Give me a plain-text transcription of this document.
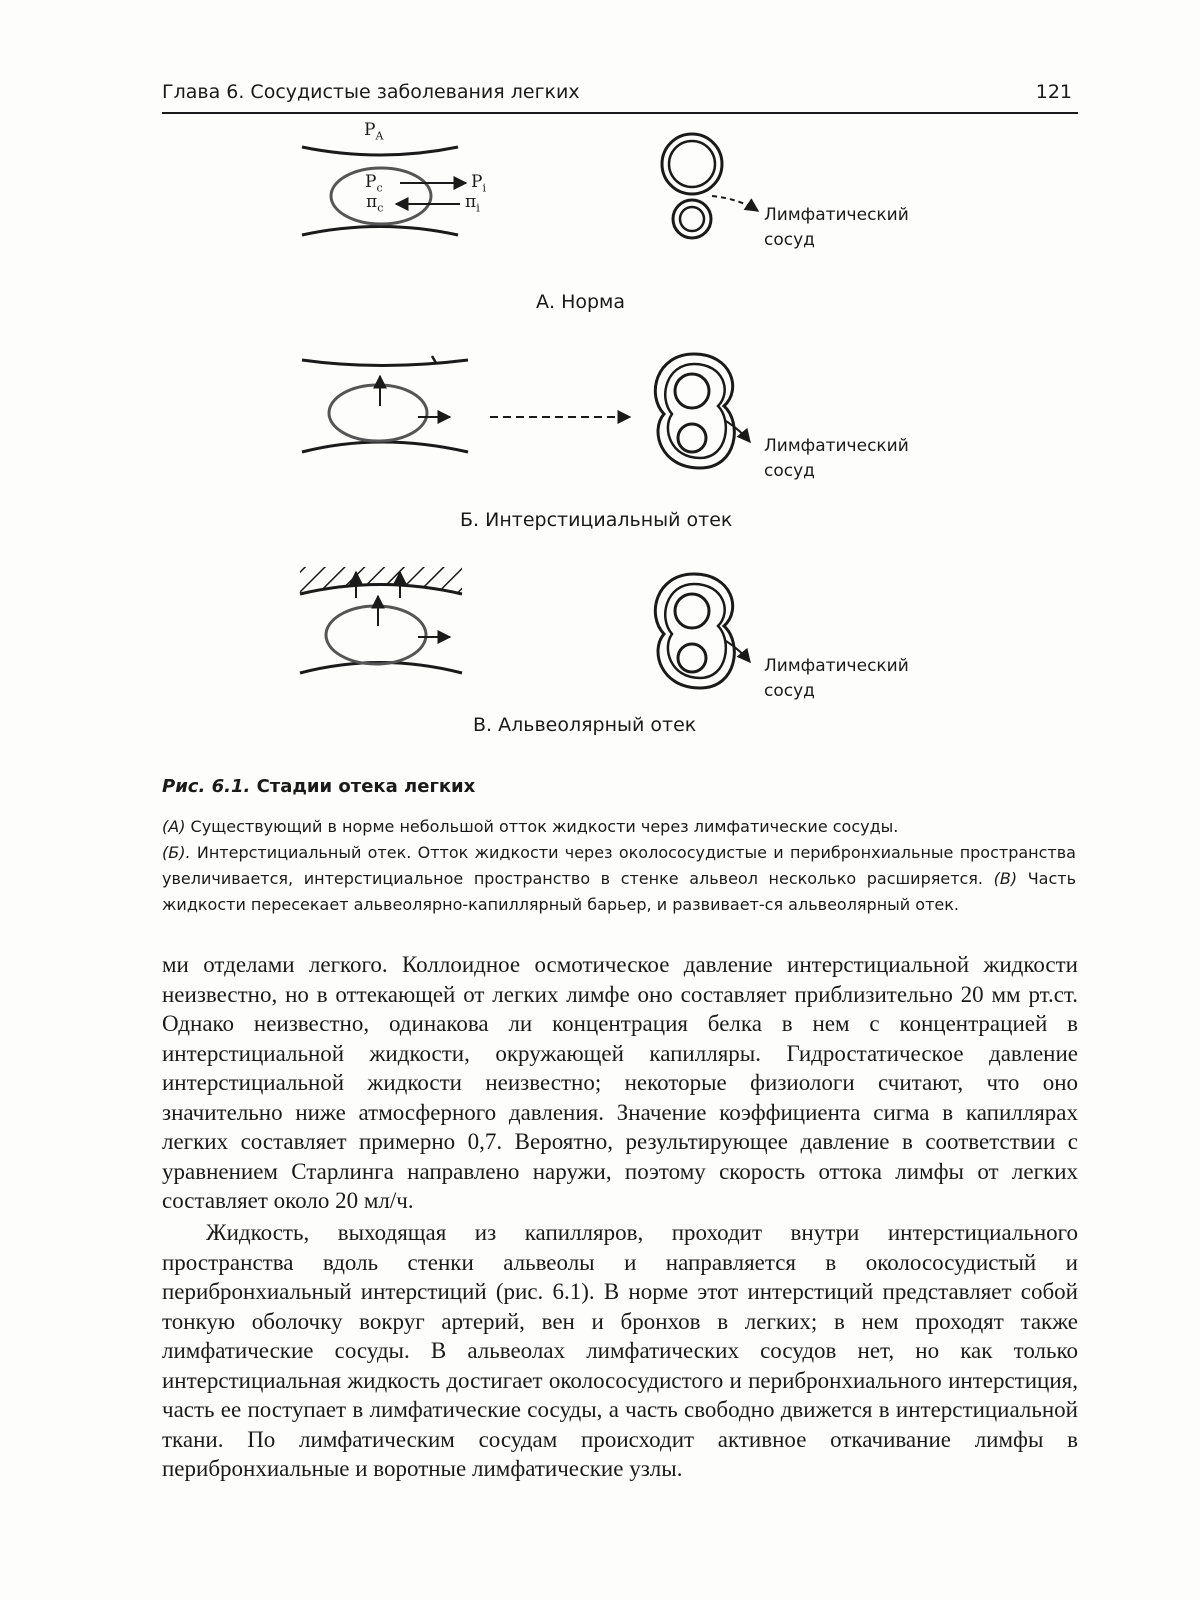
Глава 6. Сосудистые заболевания легких	121
$P_A$
$P_c$	$P_i$
$\pi_c$	$\pi_i$	Лимфатический
сосуд
Лимфатический
сосуд
Лимфатический
сосуд
А. Норма
Б. Интерстициальный отек
В. Альвеолярный отек
Рис. 6.1. Стадии отека легких
(А) Существующий в норме небольшой отток жидкости через лимфатические сосуды.
(Б). Интерстициальный отек. Отток жидкости через околососудистые и перибронхиальные пространства увеличивается, интерстициальное пространство в стенке альвеол несколько расширяется. (В) Часть жидкости пересекает альвеолярно-капиллярный барьер, и развивает-ся альвеолярный отек.
ми отделами легкого. Коллоидное осмотическое давление интерстициальной жидкости неизвестно, но в оттекающей от легких лимфе оно составляет приблизительно 20 мм рт.ст. Однако неизвестно, одинакова ли концентрация белка в нем с концентрацией в интерстициальной жидкости, окружающей капилляры. Гидростатическое давление интерстициальной жидкости неизвестно; некоторые физиологи считают, что оно значительно ниже атмосферного давления. Значение коэффициента сигма в капиллярах легких составляет примерно 0,7. Вероятно, результирующее давление в соответствии с уравнением Старлинга направлено наружи, поэтому скорость оттока лимфы от легких составляет около 20 мл/ч.
Жидкость, выходящая из капилляров, проходит внутри интерстициального пространства вдоль стенки альвеолы и направляется в околососудистый и перибронхиальный интерстиций (рис. 6.1). В норме этот интерстиций представляет собой тонкую оболочку вокруг артерий, вен и бронхов в легких; в нем проходят также лимфатические сосуды. В альвеолах лимфатических сосудов нет, но как только интерстициальная жидкость достигает околососудистого и перибронхиального интерстиция, часть ее поступает в лимфатические сосуды, а часть свободно движется в интерстициальной ткани. По лимфатическим сосудам происходит активное откачивание лимфы в перибронхиальные и воротные лимфатические узлы.
